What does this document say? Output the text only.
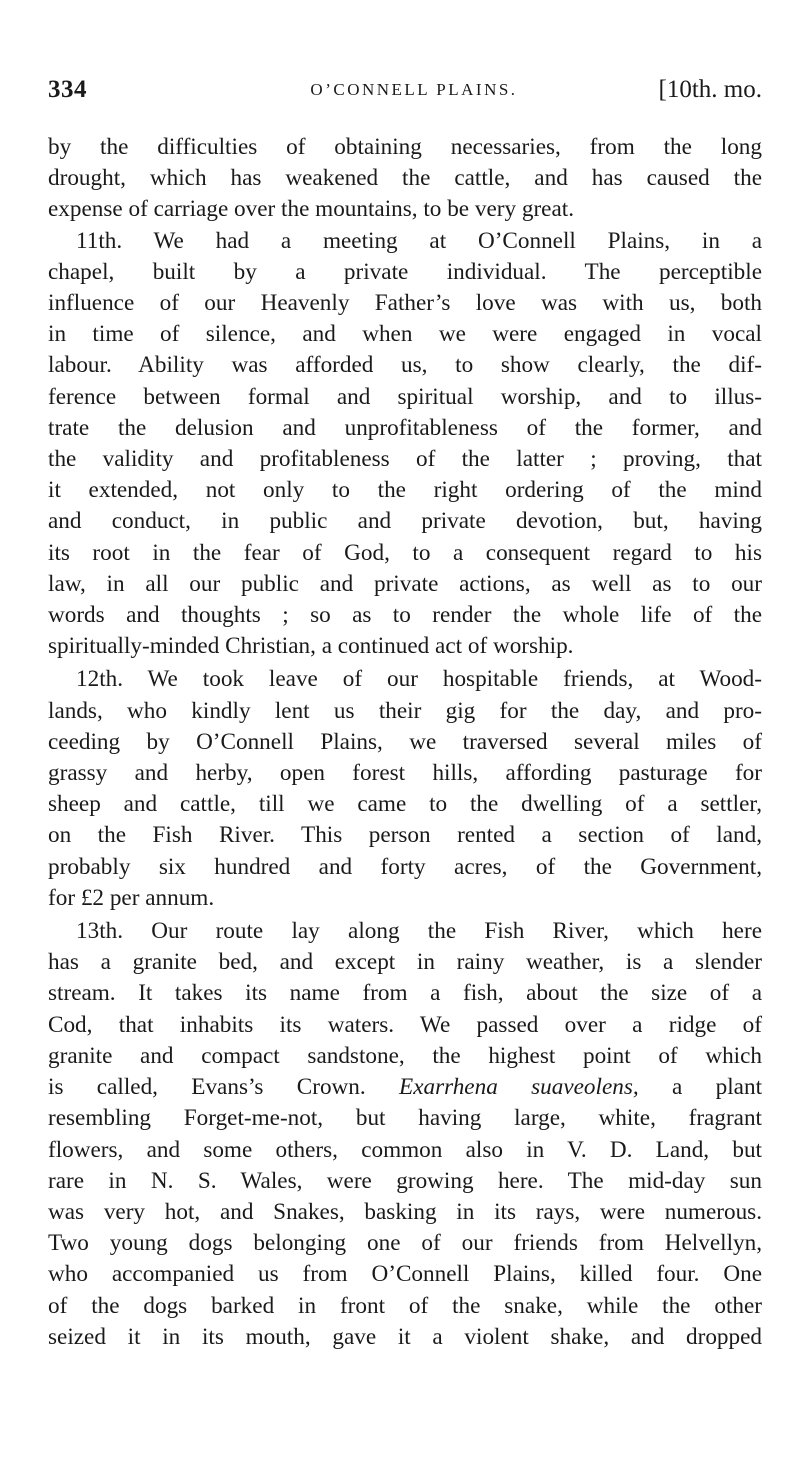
334	O’CONNELL PLAINS.	[10th. mo.

by the difficulties of obtaining necessaries, from the long
drought, which has weakened the cattle, and has caused the
expense of carriage over the mountains, to be very great.

11th. We had a meeting at O’Connell Plains, in a
chapel, built by a private individual. The perceptible
influence of our Heavenly Father’s love was with us, both
in time of silence, and when we were engaged in vocal
labour. Ability was afforded us, to show clearly, the dif-
ference between formal and spiritual worship, and to illus-
trate the delusion and unprofitableness of the former, and
the validity and profitableness of the latter ; proving, that
it extended, not only to the right ordering of the mind
and conduct, in public and private devotion, but, having
its root in the fear of God, to a consequent regard to his
law, in all our public and private actions, as well as to our
words and thoughts ; so as to render the whole life of the
spiritually-minded Christian, a continued act of worship.

12th. We took leave of our hospitable friends, at Wood-
lands, who kindly lent us their gig for the day, and pro-
ceeding by O’Connell Plains, we traversed several miles of
grassy and herby, open forest hills, affording pasturage for
sheep and cattle, till we came to the dwelling of a settler,
on the Fish River. This person rented a section of land,
probably six hundred and forty acres, of the Government,
for £2 per annum.

13th. Our route lay along the Fish River, which here
has a granite bed, and except in rainy weather, is a slender
stream. It takes its name from a fish, about the size of a
Cod, that inhabits its waters. We passed over a ridge of
granite and compact sandstone, the highest point of which
is called, Evans’s Crown. Exarrhena suaveolens, a plant
resembling Forget-me-not, but having large, white, fragrant
flowers, and some others, common also in V. D. Land, but
rare in N. S. Wales, were growing here. The mid-day sun
was very hot, and Snakes, basking in its rays, were numerous.
Two young dogs belonging one of our friends from Helvellyn,
who accompanied us from O’Connell Plains, killed four. One
of the dogs barked in front of the snake, while the other
seized it in its mouth, gave it a violent shake, and dropped
